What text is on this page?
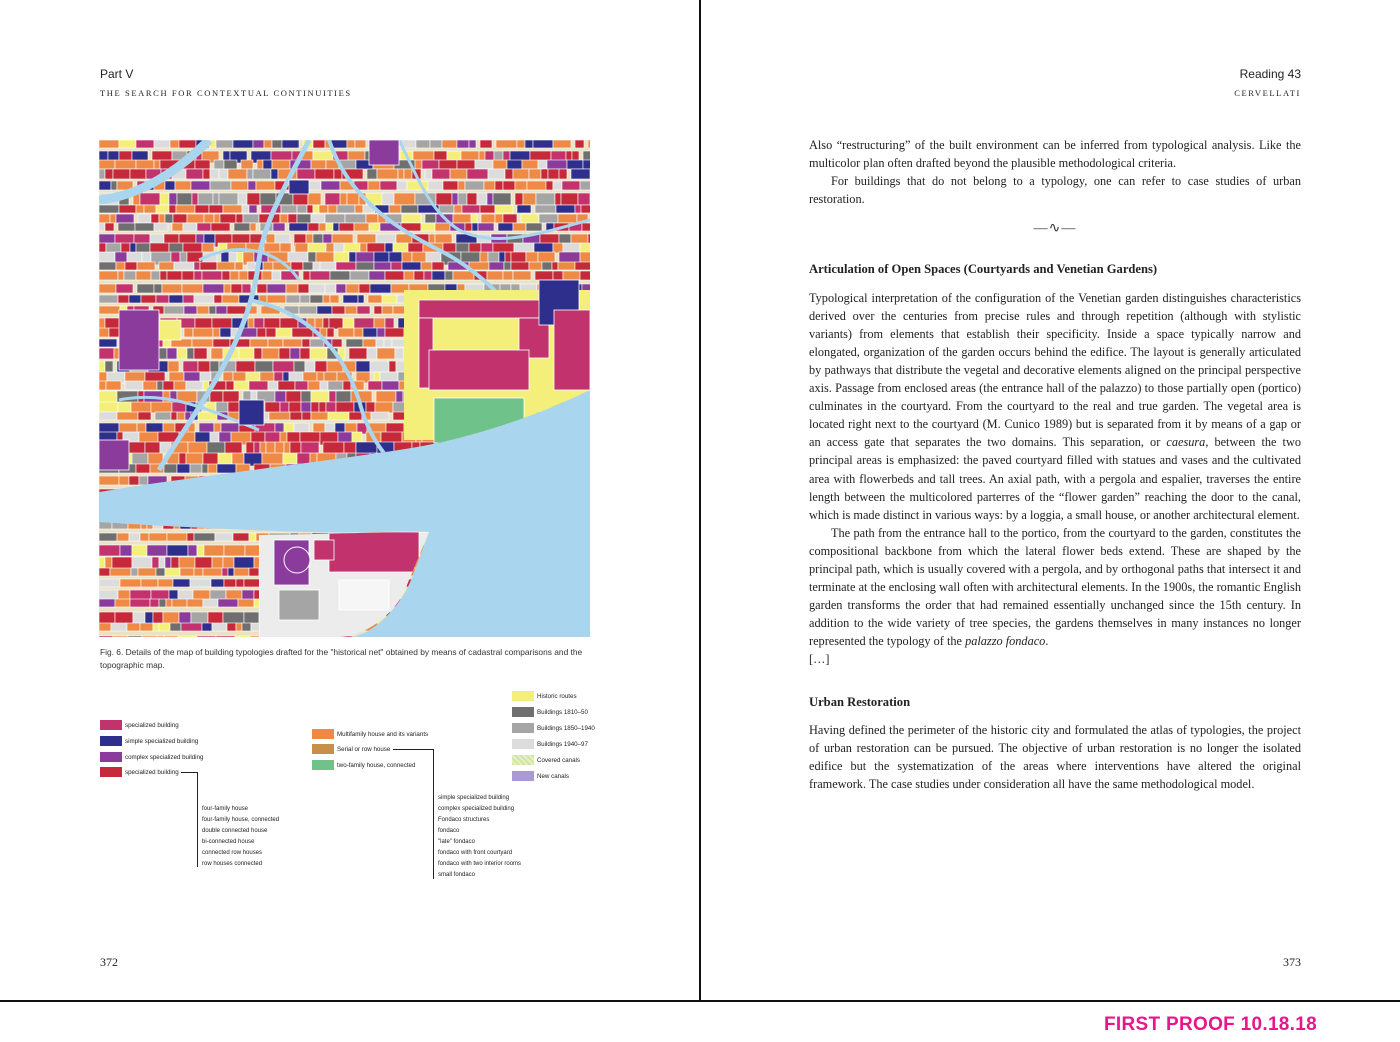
Part V
THE SEARCH FOR CONTEXTUAL CONTINUITIES
Fig. 6. Details of the map of building typologies drafted for the "historical net" obtained by means of cadastral comparisons and the topographic map.
specialized building
simple specialized building
complex specialized building
specialized building
Multifamily house and its variants
Serial or row house
two-family house, connected
Historic routes
Buildings 1810–50
Buildings 1850–1940
Buildings 1940–97
Covered canals
New canals
four-family house
four-family house, connected
double connected house
bi-connected house
connected row houses
row houses connected
simple specialized building
complex specialized building
Fondaco structures
fondaco
"late" fondaco
fondaco with front courtyard
fondaco with two interior rooms
small fondaco
372
Reading 43
CERVELLATI

Also “restructuring” of the built environment can be inferred from typological analysis. Like the multicolor plan often drafted beyond the plausible methodological criteria.

For buildings that do not belong to a typology, one can refer to case studies of urban restoration.

—∿—
Articulation of Open Spaces (Courtyards and Venetian Gardens)

Typological interpretation of the configuration of the Venetian garden distinguishes characteristics derived over the centuries from precise rules and through repetition (although with stylistic variants) from elements that establish their specificity. Inside a space typically narrow and elongated, organization of the garden occurs behind the edifice. The layout is generally articulated by pathways that distribute the vegetal and decorative elements aligned on the principal perspective axis. Passage from enclosed areas (the entrance hall of the palazzo) to those partially open (portico) culminates in the courtyard. From the courtyard to the real and true garden. The vegetal area is located right next to the courtyard (M. Cunico 1989) but is separated from it by means of a gap or an access gate that separates the two domains. This separation, or caesura, between the two principal areas is emphasized: the paved courtyard filled with statues and vases and the cultivated area with flowerbeds and tall trees. An axial path, with a pergola and espalier, traverses the entire length between the multicolored parterres of the “flower garden” reaching the door to the canal, which is made distinct in various ways: by a loggia, a small house, or another architectural element.

The path from the entrance hall to the portico, from the courtyard to the garden, constitutes the compositional backbone from which the lateral flower beds extend. These are shaped by the principal path, which is usually covered with a pergola, and by orthogonal paths that intersect it and terminate at the enclosing wall often with architectural elements. In the 1900s, the romantic English garden transforms the order that had remained essentially unchanged since the 15th century. In addition to the wide variety of tree species, the gardens themselves in many instances no longer represented the typology of the palazzo fondaco.

[…]

Urban Restoration

Having defined the perimeter of the historic city and formulated the atlas of typologies, the project of urban restoration can be pursued. The objective of urban restoration is no longer the isolated edifice but the systematization of the areas where interventions have altered the original framework. The case studies under consideration all have the same methodological model.

373
FIRST PROOF 10.18.18
